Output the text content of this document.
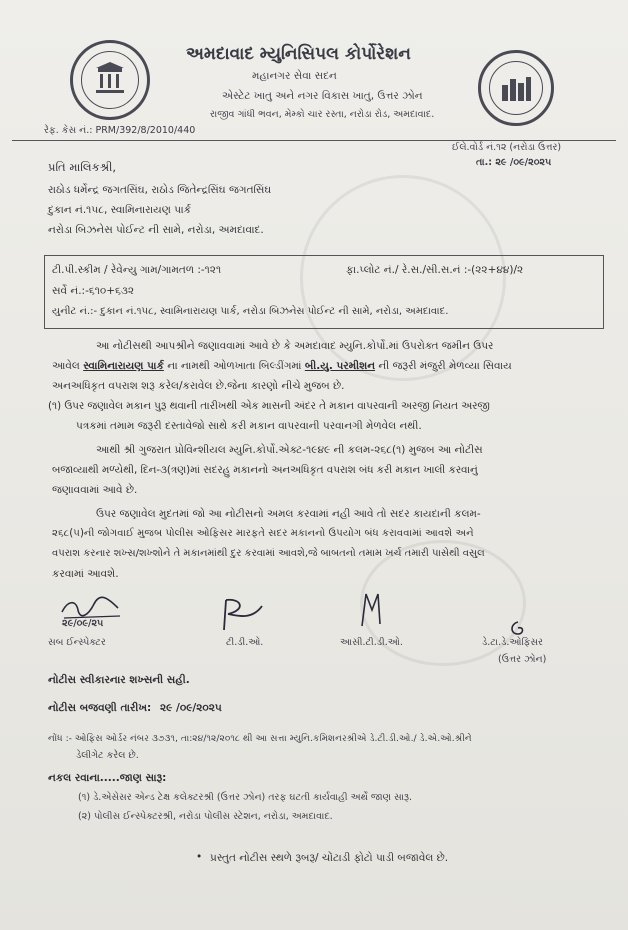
અમદાવાદ મ્યુનિસિપલ કોર્પોરેશન
મહાનગર સેવા સદન
એસ્ટેટ ખાતુ અને નગર વિકાસ ખાતુ, ઉત્તર ઝોન
રાજીવ ગાંધી ભવન, મેમ્કો ચાર રસ્તા, નરોડા રોડ, અમદાવાદ.
રેફ. કેસ નં.: PRM/392/8/2010/440
ઈલે.વોર્ડ નં.૧૨ (નરોડા ઉત્તર)
તા.: ૨૯ /૦૯/૨૦૨૫
પ્રતિ માલિકશ્રી,
રાઠોડ ધર્મેન્દ્ર જગતસિંઘ, રાઠોડ જિતેન્દ્રસિંઘ જગતસિંઘ
દુકાન નં.૧૫૮, સ્વામિનારાયણ પાર્ક
નરોડા બિઝનેસ પોઈન્ટ ની સામે, નરોડા, અમદાવાદ.
ટી.પી.સ્કીમ / રેવેન્યુ ગામ/ગામતળ :-૧૨૧	ફા.પ્લોટ નં./ રે.સ./સી.સ.નં :-(૨૨+૪૪)/૨
સર્વે નં.:-૬૧૦+૬૩૨
યુનીટ નં.:- દુકાન નં.૧૫૮, સ્વામિનારાયણ પાર્ક, નરોડા બિઝનેસ પોઈન્ટ ની સામે, નરોડા, અમદાવાદ.
આ નોટીસથી આપશ્રીને જણાવવામાં આવે છે કે અમદાવાદ મ્યુનિ.કોર્પો.માં ઉપરોક્ત જમીન ઉપર
આવેલ સ્વામિનારાયણ પાર્ક ના નામથી ઓળખાતા બિલ્ડીંગમાં બી.યુ. પરમીશન ની જરૂરી મંજુરી મેળવ્યા સિવાય
અનઅધિકૃત વપરાશ શરૂ કરેલ/કરાવેલ છે.જેના કારણો નીચે મુજબ છે.
(૧) ઉપર જણાવેલ મકાન પુરૂ થવાની તારીખથી એક માસની અંદર તે મકાન વાપરવાની અરજી નિયત અરજી
પત્રકમાં તમામ જરૂરી દસ્તાવેજો સાથે કરી મકાન વાપરવાની પરવાનગી મેળવેલ નથી.
આથી શ્રી ગુજરાત પ્રોવિન્શીયલ મ્યુનિ.કોર્પો.એક્ટ-૧૯૪૯ ની કલમ-૨૬૮(૧) મુજબ આ નોટીસ
બજાવ્યાથી મળ્યેથી, દિન-૩(ત્રણ)માં સદરહુ મકાનનો અનઅધિકૃત વપરાશ બંધ કરી મકાન ખાલી કરવાનું
જણાવવામાં આવે છે.
ઉપર જણાવેલ મુદતમાં જો આ નોટીસનો અમલ કરવામાં નહી આવે તો સદર કાયદાની કલમ-
૨૬૮(૫)ની જોગવાઈ મુજબ પોલીસ ઓફિસર મારફતે સદર મકાનનો ઉપયોગ બંધ કરાવવામાં આવશે અને
વપરાશ કરનાર શખ્સ/શખ્શોને તે મકાનમાંથી દુર કરવામાં આવશે,જે બાબતનો તમામ ખર્ચ તમારી પાસેથી વસુલ
કરવામાં આવશે.
૨૯/૦૯/૨૫
સબ ઈન્સ્પેક્ટર	ટી.ડી.ઓ.	આસી.ટી.ડી.ઓ.	ડે.ટા.ડે.ઓફિસર
(ઉત્તર ઝોન)
નોટીસ સ્વીકારનાર શખ્સની સહી.
નોટીસ બજવણી તારીખ: ૨૯ /૦૯/૨૦૨૫
નોંધ :- ઓફિસ ઓર્ડર નંબર ૩૭૩૧, તા:૨૪/૧૨/૨૦૧૮ થી આ સત્તા મ્યુનિ.કમિશનરશ્રીએ ડે.ટી.ડી.ઓ./ ડે.એ.ઓ.શ્રીને
ડેલીગેટ કરેલ છે.
નકલ રવાના.....જાણ સારૂ:
(૧) ડે.એસેસર એન્ડ ટેક્ષ કલેક્ટરશ્રી (ઉત્તર ઝોન) તરફ ઘટતી કાર્યવાહી અર્થે જાણ સારૂ.
(૨) પોલીસ ઈન્સ્પેક્ટરશ્રી, નરોડા પોલીસ સ્ટેશન, નરોડા, અમદાવાદ.
• પ્રસ્તુત નોટીસ સ્થળે રૂબરૂ/ ચોંટાડી ફોટો પાડી બજાવેલ છે.
